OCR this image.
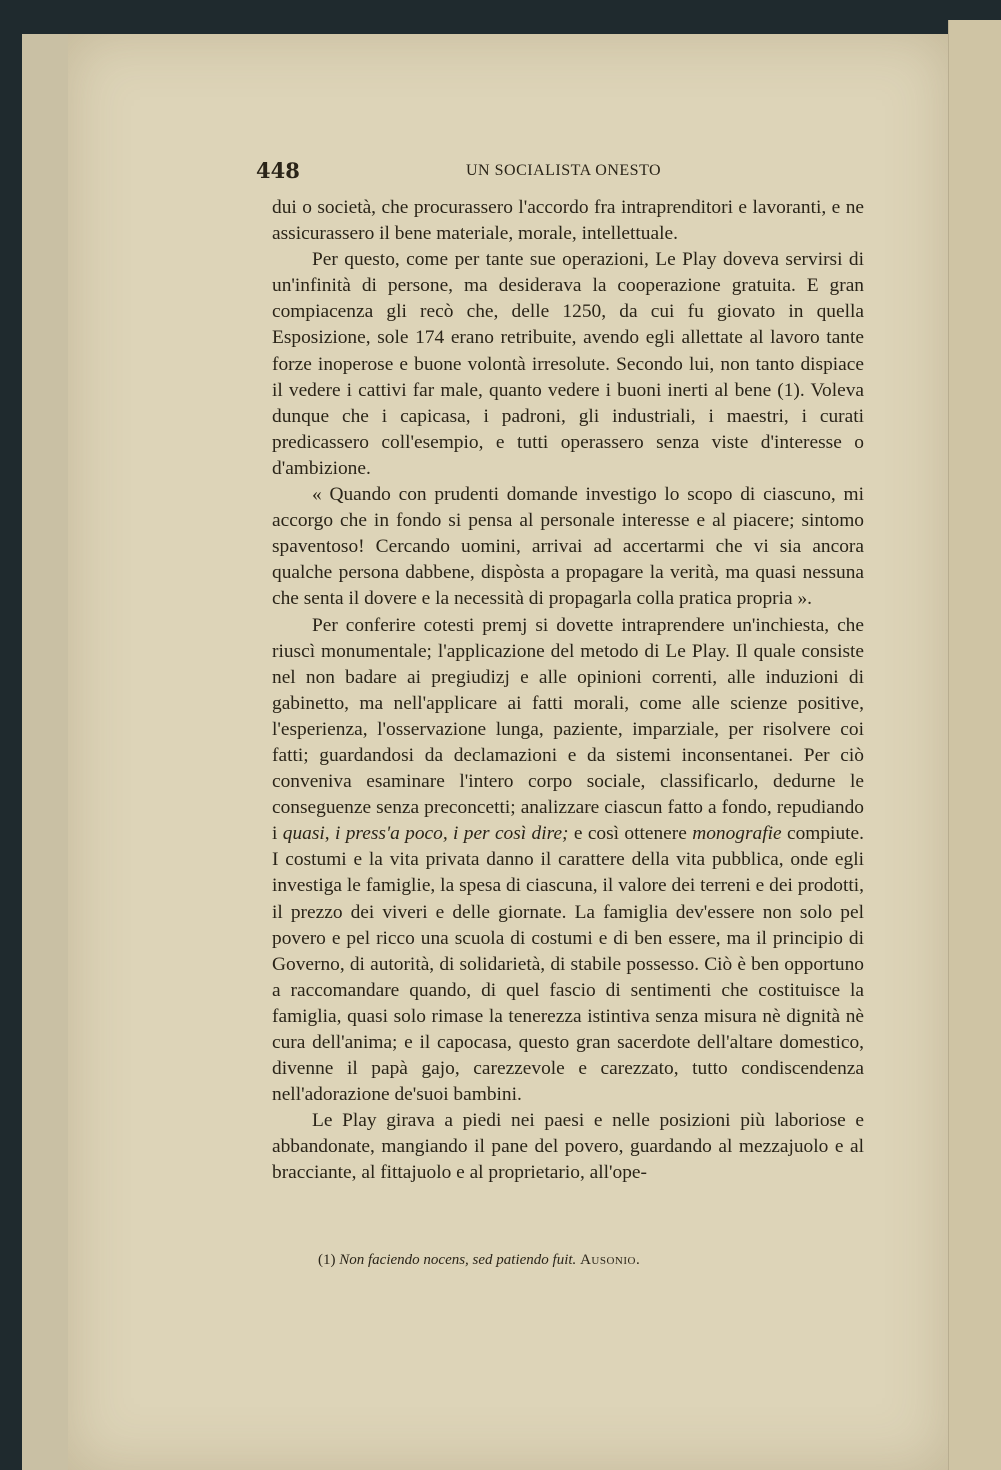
448	UN SOCIALISTA ONESTO

dui o società, che procurassero l'accordo fra intraprenditori e lavoranti, e ne assicurassero il bene materiale, morale, intellettuale.

Per questo, come per tante sue operazioni, Le Play doveva servirsi di un'infinità di persone, ma desiderava la cooperazione gratuita. E gran compiacenza gli recò che, delle 1250, da cui fu giovato in quella Esposizione, sole 174 erano retribuite, avendo egli allettate al lavoro tante forze inoperose e buone volontà irresolute. Secondo lui, non tanto dispiace il vedere i cattivi far male, quanto vedere i buoni inerti al bene (1). Voleva dunque che i capicasa, i padroni, gli industriali, i maestri, i curati predicassero coll'esempio, e tutti operassero senza viste d'interesse o d'ambizione.

« Quando con prudenti domande investigo lo scopo di ciascuno, mi accorgo che in fondo si pensa al personale interesse e al piacere; sintomo spaventoso! Cercando uomini, arrivai ad accertarmi che vi sia ancora qualche persona dabbene, dispòsta a propagare la verità, ma quasi nessuna che senta il dovere e la necessità di propagarla colla pratica propria ».

Per conferire cotesti premj si dovette intraprendere un'inchiesta, che riuscì monumentale; l'applicazione del metodo di Le Play. Il quale consiste nel non badare ai pregiudizj e alle opinioni correnti, alle induzioni di gabinetto, ma nell'applicare ai fatti morali, come alle scienze positive, l'esperienza, l'osservazione lunga, paziente, imparziale, per risolvere coi fatti; guardandosi da declamazioni e da sistemi inconsentanei. Per ciò conveniva esaminare l'intero corpo sociale, classificarlo, dedurne le conseguenze senza preconcetti; analizzare ciascun fatto a fondo, repudiando i quasi, i press'a poco, i per così dire; e così ottenere monografie compiute. I costumi e la vita privata danno il carattere della vita pubblica, onde egli investiga le famiglie, la spesa di ciascuna, il valore dei terreni e dei prodotti, il prezzo dei viveri e delle giornate. La famiglia dev'essere non solo pel povero e pel ricco una scuola di costumi e di ben essere, ma il principio di Governo, di autorità, di solidarietà, di stabile possesso. Ciò è ben opportuno a raccomandare quando, di quel fascio di sentimenti che costituisce la famiglia, quasi solo rimase la tenerezza istintiva senza misura nè dignità nè cura dell'anima; e il capocasa, questo gran sacerdote dell'altare domestico, divenne il papà gajo, carezzevole e carezzato, tutto condiscendenza nell'adorazione de'suoi bambini.

Le Play girava a piedi nei paesi e nelle posizioni più laboriose e abbandonate, mangiando il pane del povero, guardando al mezzajuolo e al bracciante, al fittajuolo e al proprietario, all'ope-

(1) Non faciendo nocens, sed patiendo fuit. Ausonio.
